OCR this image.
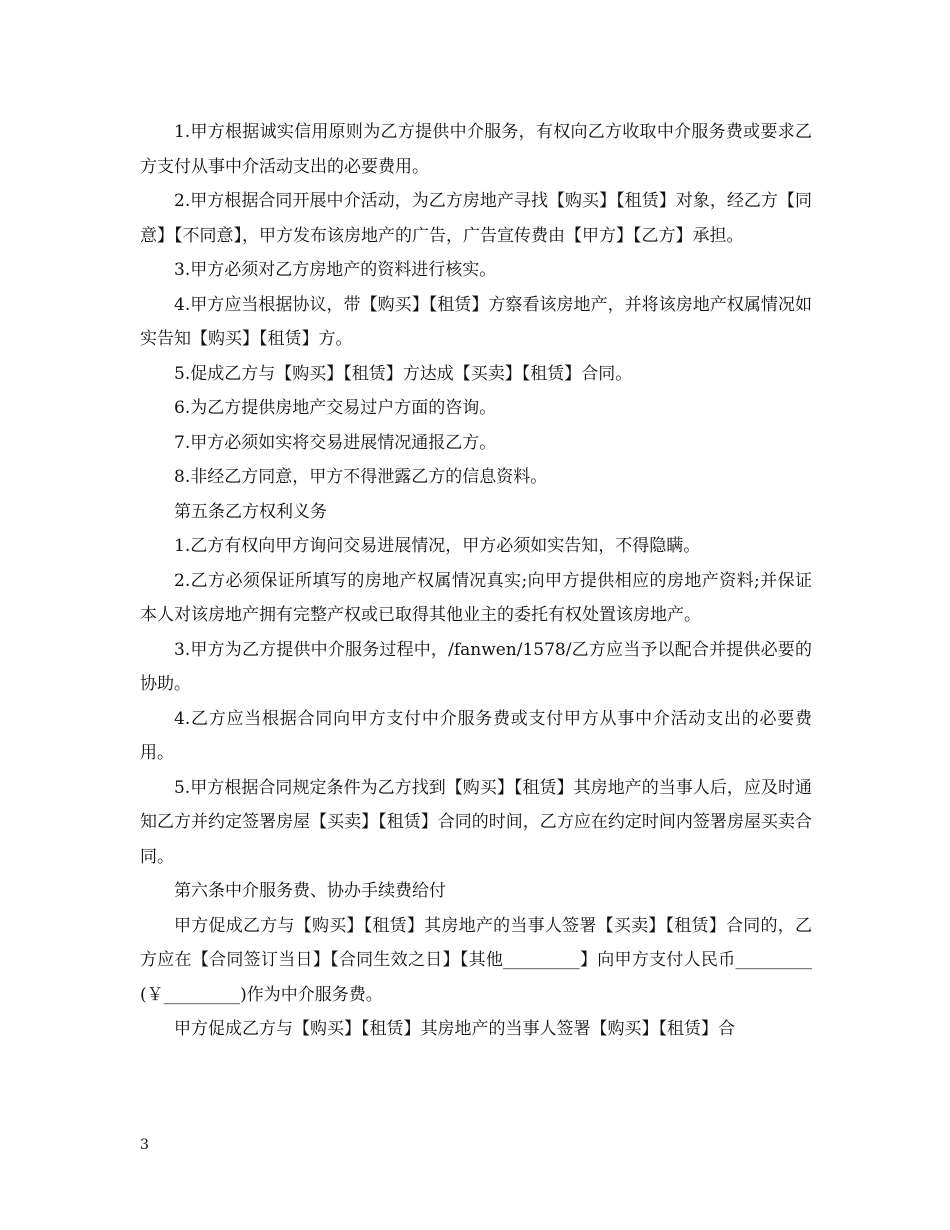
1.甲方根据诚实信用原则为乙方提供中介服务，有权向乙方收取中介服务费或要求乙方支付从事中介活动支出的必要费用。

2.甲方根据合同开展中介活动，为乙方房地产寻找【购买】【租赁】对象，经乙方【同意】【不同意】，甲方发布该房地产的广告，广告宣传费由【甲方】【乙方】承担。

3.甲方必须对乙方房地产的资料进行核实。

4.甲方应当根据协议，带【购买】【租赁】方察看该房地产，并将该房地产权属情况如实告知【购买】【租赁】方。

5.促成乙方与【购买】【租赁】方达成【买卖】【租赁】合同。

6.为乙方提供房地产交易过户方面的咨询。

7.甲方必须如实将交易进展情况通报乙方。

8.非经乙方同意，甲方不得泄露乙方的信息资料。

第五条乙方权利义务

1.乙方有权向甲方询问交易进展情况，甲方必须如实告知，不得隐瞒。

2.乙方必须保证所填写的房地产权属情况真实;向甲方提供相应的房地产资料;并保证本人对该房地产拥有完整产权或已取得其他业主的委托有权处置该房地产。

3.甲方为乙方提供中介服务过程中，/fanwen/1578/乙方应当予以配合并提供必要的协助。

4.乙方应当根据合同向甲方支付中介服务费或支付甲方从事中介活动支出的必要费用。

5.甲方根据合同规定条件为乙方找到【购买】【租赁】其房地产的当事人后，应及时通知乙方并约定签署房屋【买卖】【租赁】合同的时间，乙方应在约定时间内签署房屋买卖合同。

第六条中介服务费、协办手续费给付

甲方促成乙方与【购买】【租赁】其房地产的当事人签署【买卖】【租赁】合同的，乙方应在【合同签订当日】【合同生效之日】【其他_________】向甲方支付人民币_________(￥_________)作为中介服务费。

甲方促成乙方与【购买】【租赁】其房地产的当事人签署【购买】【租赁】合

3
